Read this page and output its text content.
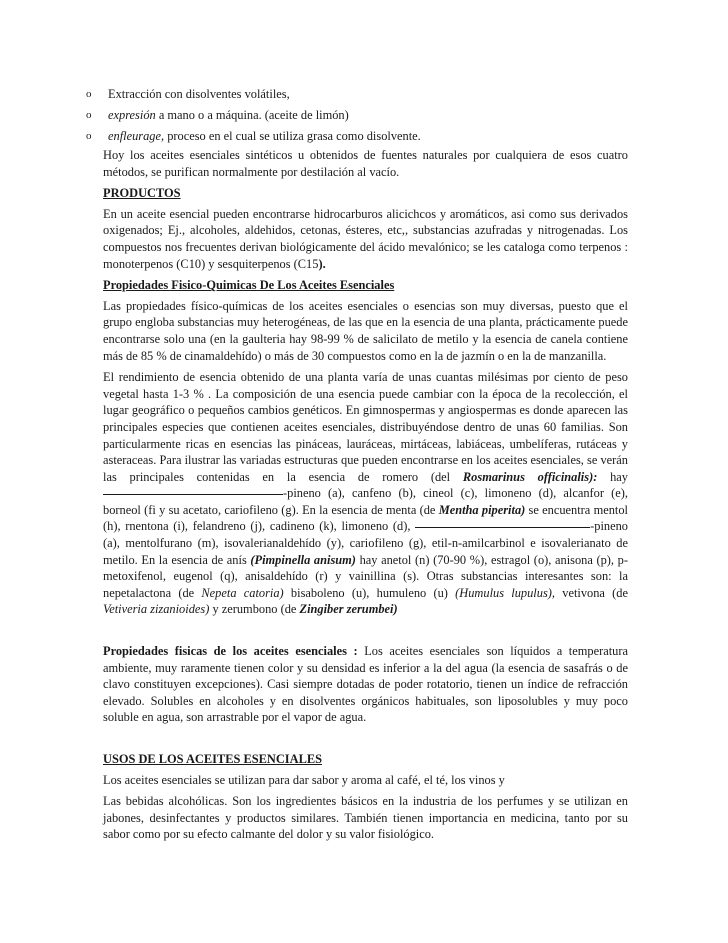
o	Extracción con disolventes volátiles,
o	expresión a mano o a máquina. (aceite de limón)
o	enfleurage, proceso en el cual se utiliza grasa como disolvente.

Hoy los aceites esenciales sintéticos u obtenidos de fuentes naturales por cualquiera de esos cuatro métodos, se purifican normalmente por destilación al vacío.

PRODUCTOS

En un aceite esencial pueden encontrarse hidrocarburos alicichcos y aromáticos, asi como sus derivados oxigenados; Ej., alcoholes, aldehidos, cetonas, ésteres, etc,, substancias azufradas y nitrogenadas. Los compuestos nos frecuentes derivan biológicamente del ácido mevalónico; se les cataloga como terpenos : monoterpenos (C10) y sesquiterpenos (C15).

Propiedades Fisico-Quimicas De Los Aceites Esenciales

Las propiedades físico-químicas de los aceites esenciales o esencias son muy diversas, puesto que el grupo engloba substancias muy heterogéneas, de las que en la esencia de una planta, prácticamente puede encontrarse solo una (en la gaulteria hay 98-99 % de salicilato de metilo y la esencia de canela contiene más de 85 % de cinamaldehído) o más de 30 compuestos como en la de jazmín o en la de manzanilla.

El rendimiento de esencia obtenido de una planta varía de unas cuantas milésimas por ciento de peso vegetal hasta 1-3 % . La composición de una esencia puede cambiar con la época de la recolección, el lugar geográfico o pequeños cambios genéticos. En gimnospermas y angiospermas es donde aparecen las principales especies que contienen aceites esenciales, distribuyéndose dentro de unas 60 familias. Son particularmente ricas en esencias las pináceas, lauráceas, mirtáceas, labiáceas, umbelíferas, rutáceas y asteraceas. Para ilustrar las variadas estructuras que pueden encontrarse en los aceites esenciales, se verán las principales contenidas en la esencia de romero (del Rosmarinus officinalis): hay -pineno (a), canfeno (b), cineol (c), limoneno (d), alcanfor (e), borneol (fi y su acetato, cariofileno (g). En la esencia de menta (de Mentha piperita) se encuentra mentol (h), rnentona (i), felandreno (j), cadineno (k), limoneno (d),	-pineno (a), mentolfurano (m), isovalerianaldehído (y), cariofileno (g), etil-n-amilcarbinol e isovalerianato de metilo. En la esencia de anís (Pimpinella anisum) hay anetol (n) (70-90 %), estragol (o), anisona (p), p-metoxifenol, eugenol (q), anisaldehído (r) y vainillina (s). Otras substancias interesantes son: la nepetalactona (de Nepeta catoria) bisaboleno (u), humuleno (u) (Humulus lupulus), vetivona (de Vetiveria zizanioides) y zerumbono (de Zingiber zerumbei)

Propiedades fisicas de los aceites esenciales : Los aceites esenciales son líquidos a temperatura ambiente, muy raramente tienen color y su densidad es inferior a la del agua (la esencia de sasafrás o de clavo constituyen excepciones). Casi siempre dotadas de poder rotatorio, tienen un índice de refracción elevado. Solubles en alcoholes y en disolventes orgánicos habituales, son liposolubles y muy poco soluble en agua, son arrastrable por el vapor de agua.

USOS DE LOS ACEITES ESENCIALES

Los aceites esenciales se utilizan para dar sabor y aroma al café, el té, los vinos y

Las bebidas alcohólicas. Son los ingredientes básicos en la industria de los perfumes y se utilizan en jabones, desinfectantes y productos similares. También tienen importancia en medicina, tanto por su sabor como por su efecto calmante del dolor y su valor fisiológico.
